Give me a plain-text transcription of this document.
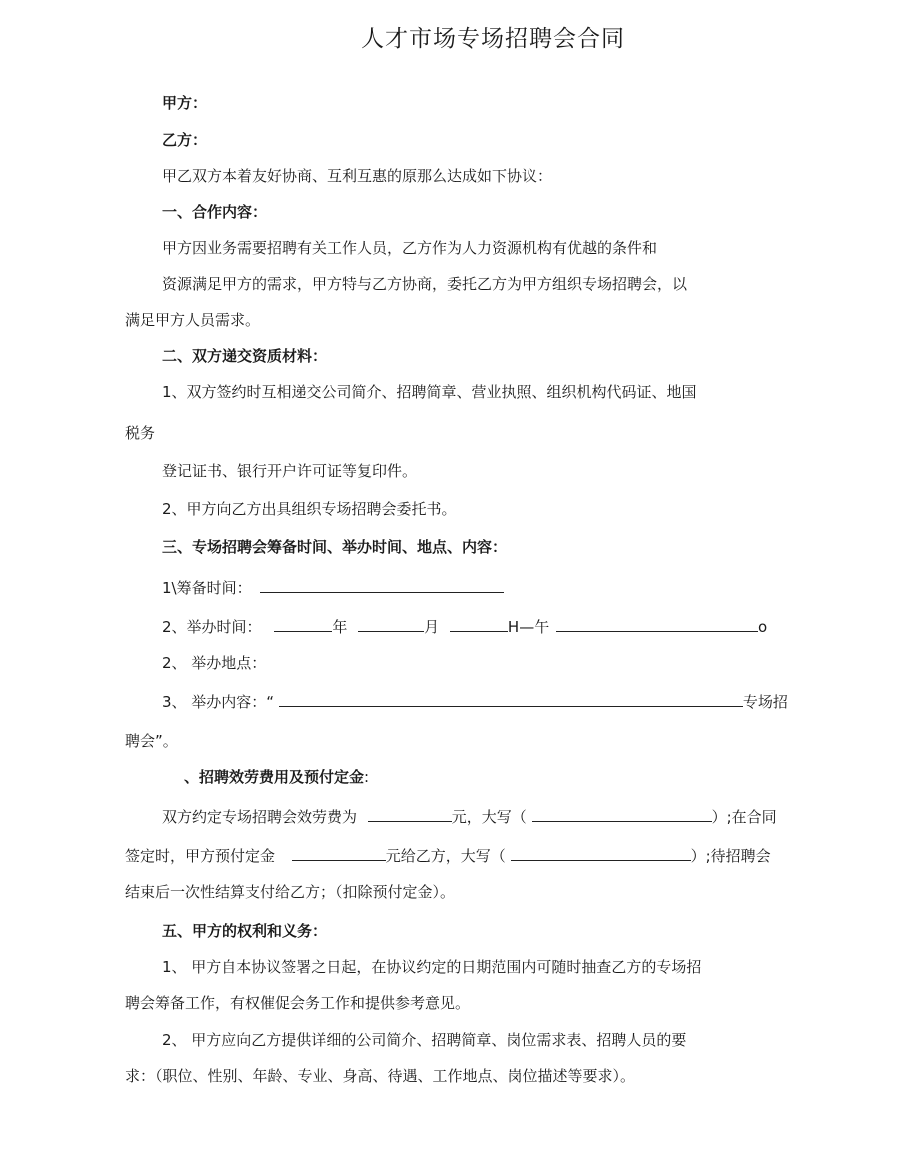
人才市场专场招聘会合同
甲方：
乙方：
甲乙双方本着友好协商、互利互惠的原那么达成如下协议：
一、合作内容：
甲方因业务需要招聘有关工作人员，乙方作为人力资源机构有优越的条件和
资源满足甲方的需求，甲方特与乙方协商，委托乙方为甲方组织专场招聘会，以
满足甲方人员需求。
二、双方递交资质材料：
1、双方签约时互相递交公司简介、招聘简章、营业执照、组织机构代码证、地国
税务
登记证书、银行开户许可证等复印件。
2、甲方向乙方出具组织专场招聘会委托书。
三、专场招聘会筹备时间、举办时间、地点、内容：
1\筹备时间：
2、举办时间：	年	月	H—午	o
2、 举办地点：
3、 举办内容：“	专场招
聘会”。
、招聘效劳费用及预付定金:
双方约定专场招聘会效劳费为	元，大写（	）;在合同
签定时，甲方预付定金	元给乙方，大写（	）;待招聘会
结束后一次性结算支付给乙方；（扣除预付定金）。
五、甲方的权利和义务：
1、 甲方自本协议签署之日起，在协议约定的日期范围内可随时抽查乙方的专场招
聘会筹备工作，有权催促会务工作和提供参考意见。
2、 甲方应向乙方提供详细的公司简介、招聘简章、岗位需求表、招聘人员的要
求：（职位、性别、年龄、专业、身高、待遇、工作地点、岗位描述等要求）。
